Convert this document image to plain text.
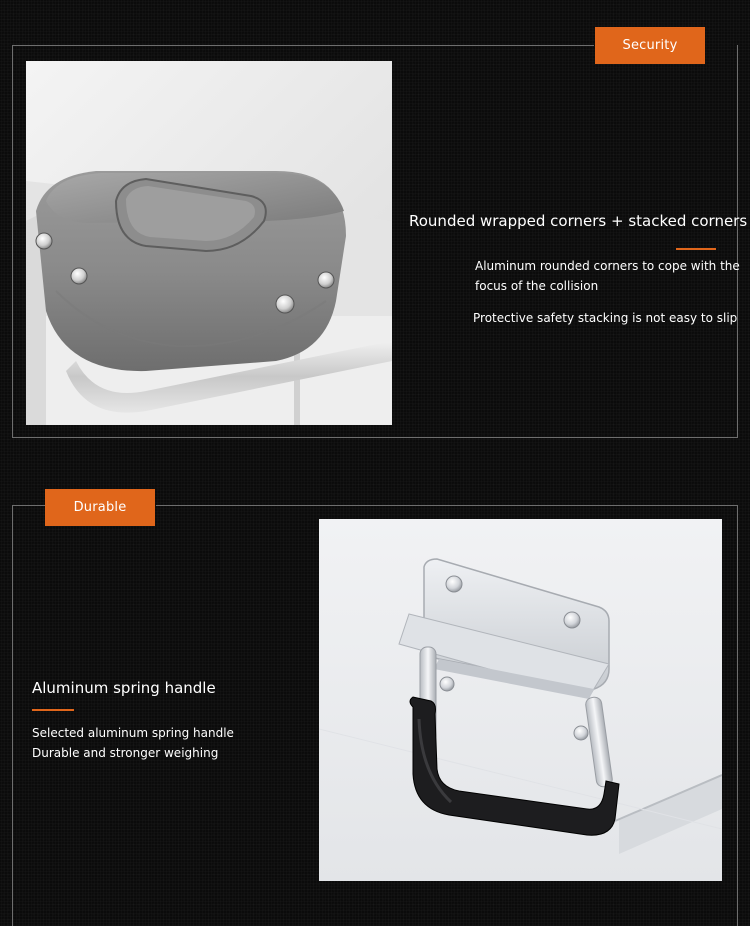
Security
Rounded wrapped corners + stacked corners
Aluminum rounded corners to cope with the
focus of the collision
Protective safety stacking is not easy to slip
Durable
Aluminum spring handle
Selected aluminum spring handle
Durable and stronger weighing
